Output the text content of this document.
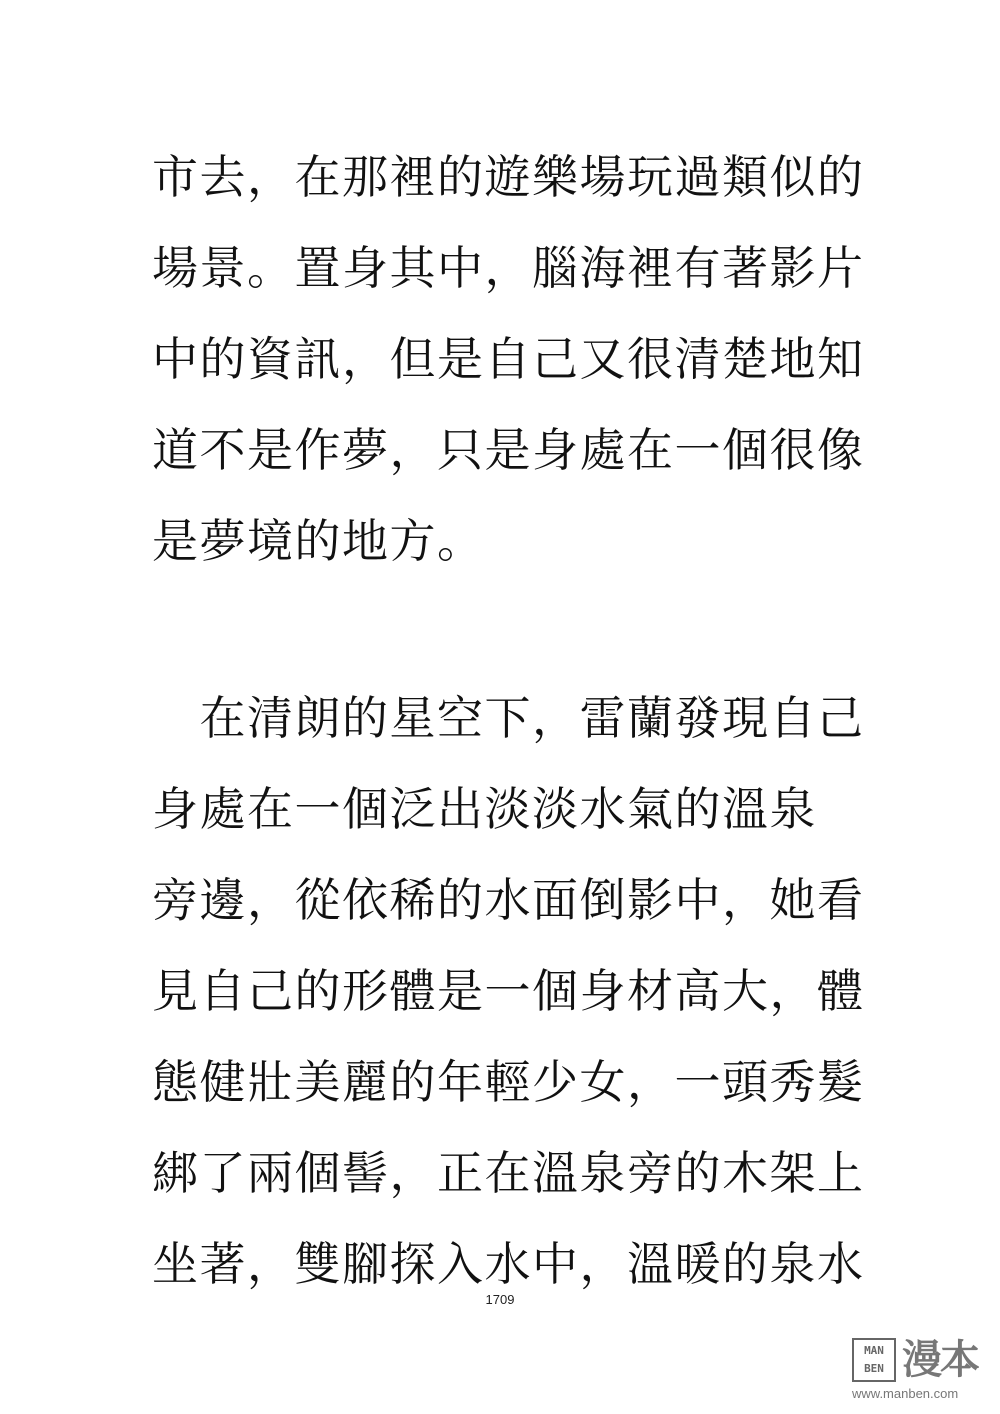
市去，在那裡的遊樂場玩過類似的
場景。置身其中，腦海裡有著影片
中的資訊，但是自己又很清楚地知
道不是作夢，只是身處在一個很像
是夢境的地方。
　在清朗的星空下，雷蘭發現自己
身處在一個泛出淡淡水氣的溫泉
旁邊，從依稀的水面倒影中，她看
見自己的形體是一個身材高大，體
態健壯美麗的年輕少女，一頭秀髮
綁了兩個髻，正在溫泉旁的木架上
坐著，雙腳探入水中，溫暖的泉水
1709
MAN
BEN 漫本
www.manben.com
